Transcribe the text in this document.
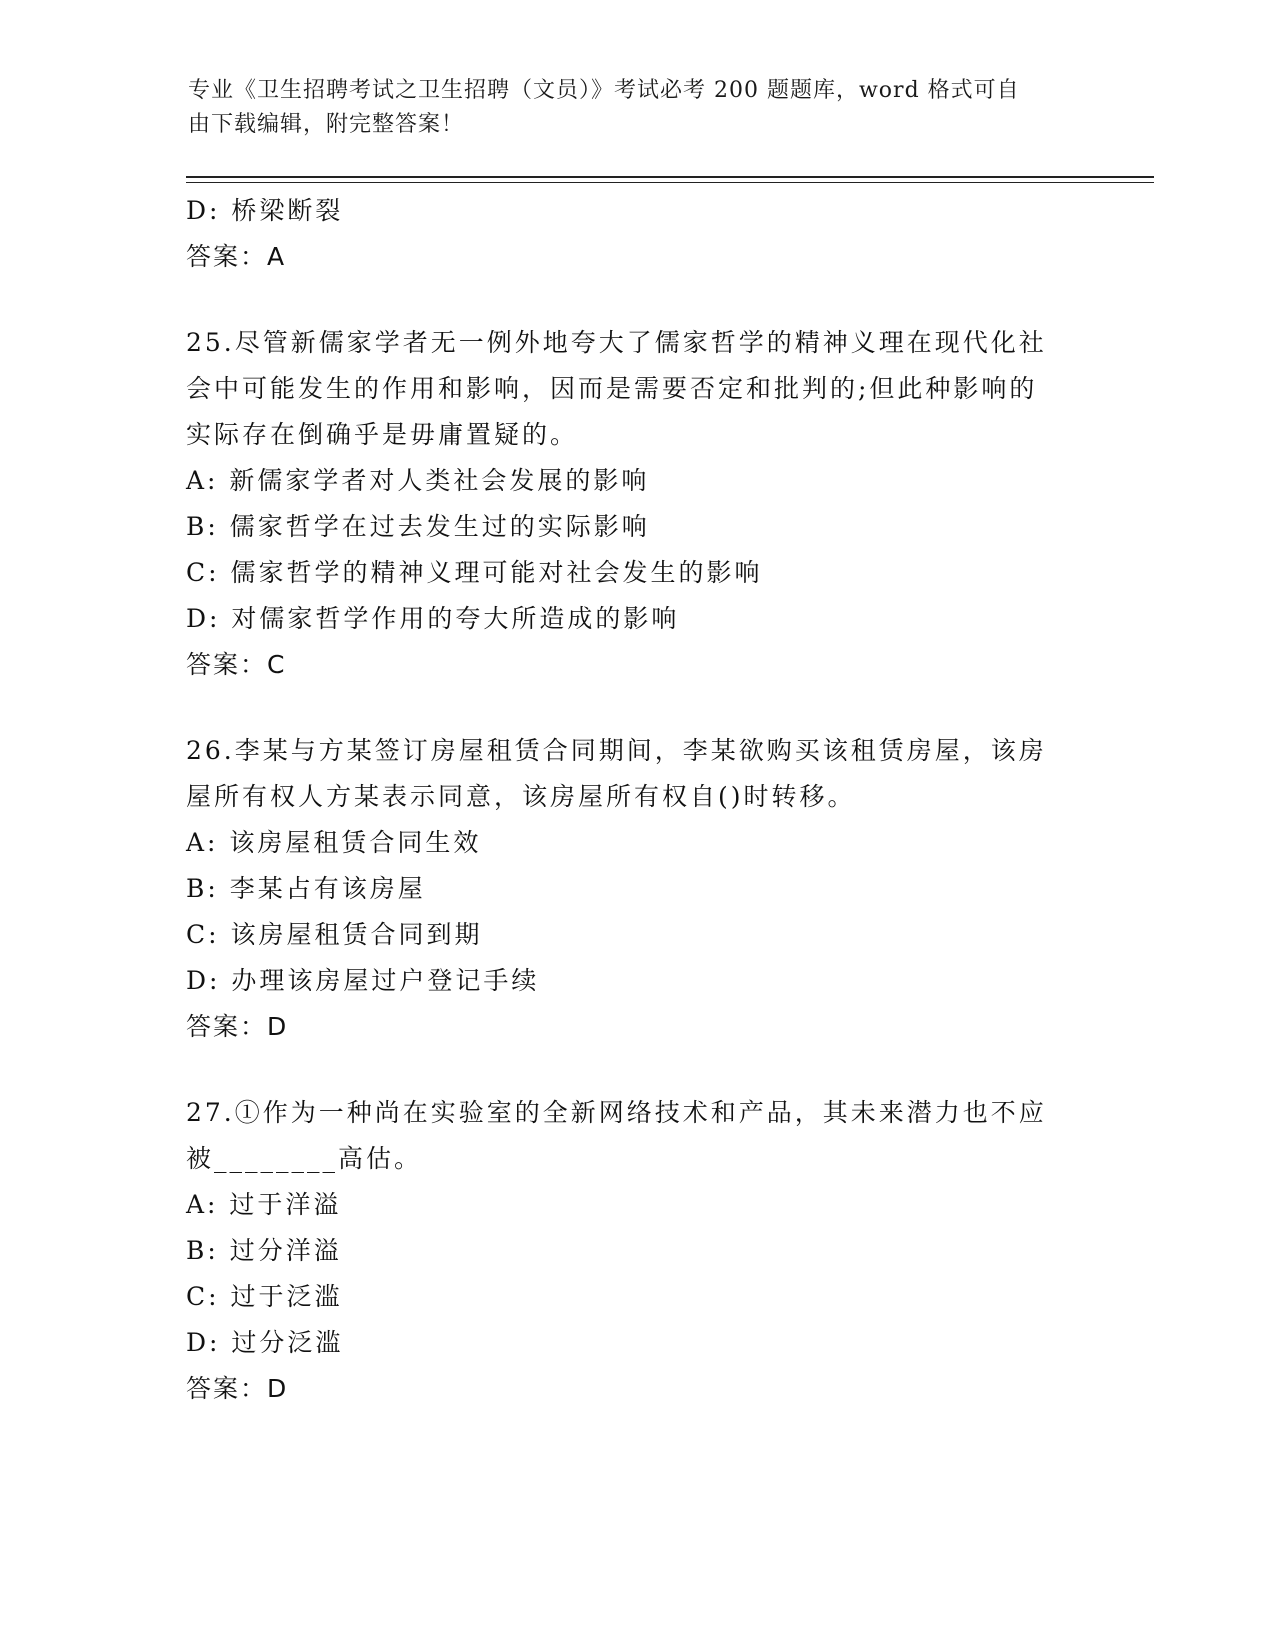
专业《卫生招聘考试之卫生招聘（文员）》考试必考 200 题题库，word 格式可自
由下载编辑，附完整答案！
D: 桥梁断裂
答案：A
25.尽管新儒家学者无一例外地夸大了儒家哲学的精神义理在现代化社
会中可能发生的作用和影响，因而是需要否定和批判的;但此种影响的
实际存在倒确乎是毋庸置疑的。
A: 新儒家学者对人类社会发展的影响
B: 儒家哲学在过去发生过的实际影响
C: 儒家哲学的精神义理可能对社会发生的影响
D: 对儒家哲学作用的夸大所造成的影响
答案：C
26.李某与方某签订房屋租赁合同期间，李某欲购买该租赁房屋，该房
屋所有权人方某表示同意，该房屋所有权自()时转移。
A: 该房屋租赁合同生效
B: 李某占有该房屋
C: 该房屋租赁合同到期
D: 办理该房屋过户登记手续
答案：D
27.①作为一种尚在实验室的全新网络技术和产品，其未来潜力也不应
被________高估。
A: 过于洋溢
B: 过分洋溢
C: 过于泛滥
D: 过分泛滥
答案：D
